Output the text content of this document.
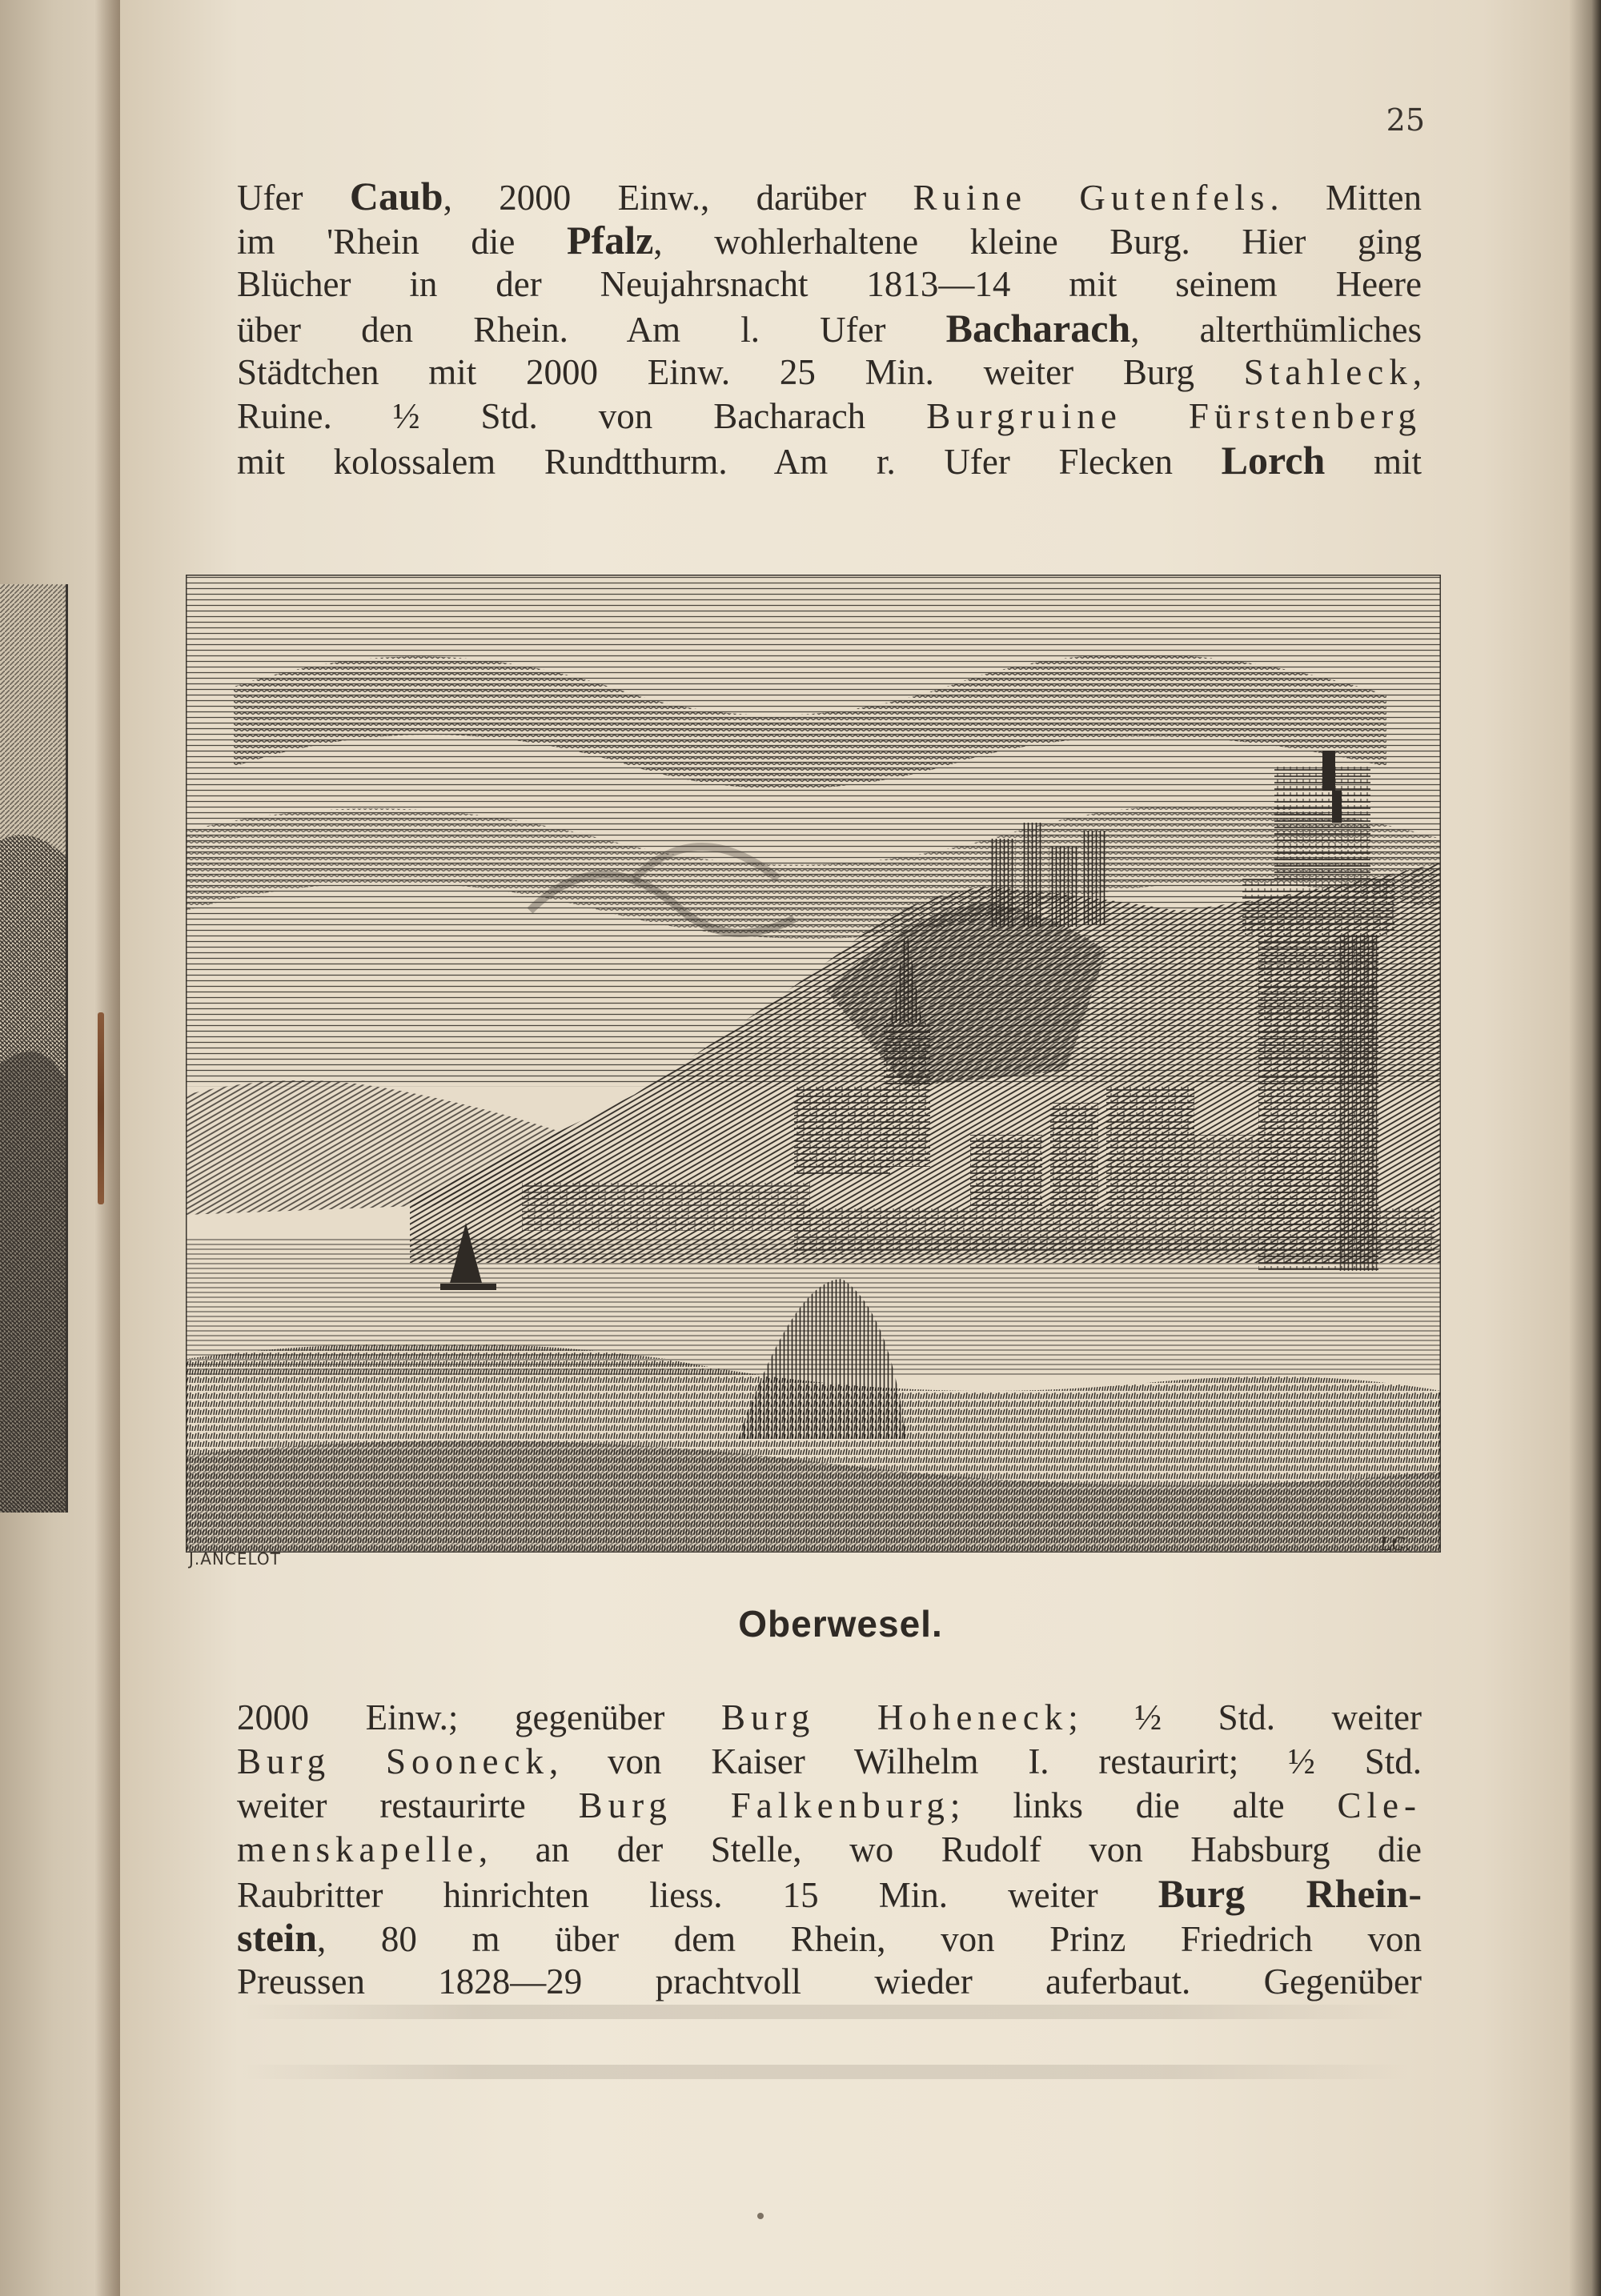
25
Ufer Caub, 2000 Einw., darüber Ruine Gutenfels. Mitten
im 'Rhein die Pfalz, wohlerhaltene kleine Burg. Hier ging
Blücher in der Neujahrsnacht 1813—14 mit seinem Heere
über den Rhein. Am l. Ufer Bacharach, alterthümliches
Städtchen mit 2000 Einw. 25 Min. weiter Burg Stahleck,
Ruine. ½ Std. von Bacharach Burgruine Fürstenberg
mit kolossalem Rundtthurm. Am r. Ufer Flecken Lorch mit
J.ANCELOT
LC.
Oberwesel.
2000 Einw.; gegenüber Burg Hoheneck; ½ Std. weiter
Burg Sooneck, von Kaiser Wilhelm I. restaurirt; ½ Std.
weiter restaurirte Burg Falkenburg; links die alte Cle-
menskapelle, an der Stelle, wo Rudolf von Habsburg die
Raubritter hinrichten liess. 15 Min. weiter Burg Rhein-
stein, 80 m über dem Rhein, von Prinz Friedrich von
Preussen 1828—29 prachtvoll wieder auferbaut. Gegenüber
